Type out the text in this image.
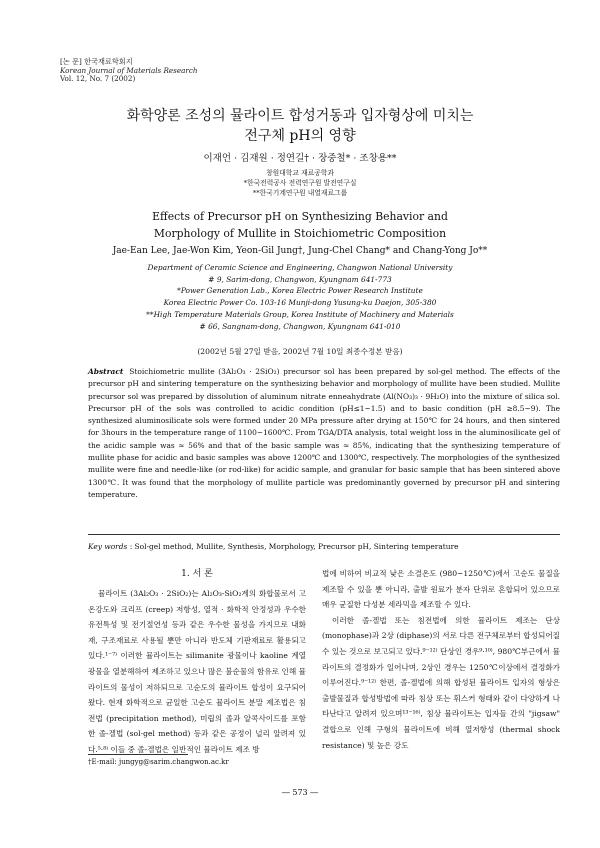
[논 문] 한국재료학회지
Korean Journal of Materials Research
Vol. 12, No. 7 (2002)
화학양론 조성의 뮬라이트 합성거동과 입자형상에 미치는
전구체 pH의 영향
이재언 · 김재원 · 정연길† · 장중철* · 조창용**
창원대학교 재료공학과
*한국전력공사 전력연구원 발전연구실
**한국기계연구원 내열재료그룹
Effects of Precursor pH on Synthesizing Behavior and
Morphology of Mullite in Stoichiometric Composition
Jae-Ean Lee, Jae-Won Kim, Yeon-Gil Jung†, Jung-Chel Chang* and Chang-Yong Jo**
Department of Ceramic Science and Engineering, Changwon National University
# 9, Sarim-dong, Changwon, Kyungnam 641-773
*Power Generation Lab., Korea Electric Power Research Institute
Korea Electric Power Co. 103-16 Munji-dong Yusung-ku Daejon, 305-380
**High Temperature Materials Group, Korea Institute of Machinery and Materials
# 66, Sangnam-dong, Changwon, Kyungnam 641-010
(2002년 5월 27일 받음, 2002년 7월 10일 최종수정본 받음)
Abstract Stoichiometric mullite (3Al₂O₃ · 2SiO₂) precursor sol has been prepared by sol-gel method. The effects of the precursor pH and sintering temperature on the synthesizing behavior and morphology of mullite have been studied. Mullite precursor sol was prepared by dissolution of aluminum nitrate enneahydrate (Al(NO₃)₃ · 9H₂O) into the mixture of silica sol. Precursor pH of the sols was controlled to acidic condition (pH≤1~1.5) and to basic condition (pH ≥8.5~9). The synthesized aluminosilicate sols were formed under 20 MPa pressure after drying at 150℃ for 24 hours, and then sintered for 3hours in the temperature range of 1100~1600℃. From TGA/DTA analysis, total weight loss in the aluminosilicate gel of the acidic sample was ≈ 56% and that of the basic sample was ≈ 85%, indicating that the synthesizing temperature of mullite phase for acidic and basic samples was above 1200℃ and 1300℃, respectively. The morphologies of the synthesized mullite were fine and needle-like (or rod-like) for acidic sample, and granular for basic sample that has been sintered above 1300℃. It was found that the morphology of mullite particle was predominantly governed by precursor pH and sintering temperature.
Key words : Sol-gel method, Mullite, Synthesis, Morphology, Precursor pH, Sintering temperature
1. 서 론

뮬라이트 (3Al₂O₃ · 2SiO₂)는 Al₂O₃-SiO₂계의 화합물로서 고온강도와 크리프 (creep) 저항성, 열적 · 화학적 안정성과 우수한 유전특성 및 전기절연성 등과 같은 우수한 물성을 가지므로 내화재, 구조재료로 사용될 뿐만 아니라 반도체 기판재료로 활용되고 있다.¹⁻⁷⁾ 이러한 뮬라이트는 silimanite 광물이나 kaoline 계열 광물을 열분해하여 제조하고 있으나 많은 불순물의 함유로 인해 뮬라이트의 물성이 저하되므로 고순도의 뮬라이트 합성이 요구되어 왔다. 현재 화학적으로 균일한 고순도 뮬라이트 분말 제조법은 침전법 (precipitation method), 미립의 졸과 알콕사이드를 포함한 졸-겔법 (sol-gel method) 등과 같은 공정이 널리 알려져 있다.⁵·⁸⁾ 이들 중 졸-겔법은 일반적인 뮬라이트 제조 방

법에 비하여 비교적 낮은 소결온도 (980~1250℃)에서 고순도 물질을 제조할 수 있을 뿐 아니라, 출발 원료가 분자 단위로 혼합되어 있으므로 매우 균질한 다성분 세라믹을 제조할 수 있다.

이러한 졸-겔법 또는 침전법에 의한 뮬라이트 제조는 단상 (monophase)과 2상 (diphase)의 서로 다른 전구체로부터 합성되어질 수 있는 것으로 보고되고 있다.⁹⁻¹²⁾ 단상인 경우⁹·¹⁰⁾, 980℃부근에서 뮬라이트의 결정화가 일어나며, 2상인 경우는 1250℃이상에서 결정화가 이루어진다.⁹⁻¹²⁾ 한편, 졸-겔법에 의해 합성된 뮬라이트 입자의 형상은 출발물질과 합성방법에 따라 침상 또는 휘스커 형태와 같이 다양하게 나타난다고 알려져 있으며¹³⁻¹⁶⁾, 침상 뮬라이트는 입자들 간의 "jigsaw" 결합으로 인해 구형의 뮬라이트에 비해 열저항성 (thermal shock resistance) 및 높은 강도

†E-mail: jungyg@sarim.changwon.ac.kr
― 573 ―
